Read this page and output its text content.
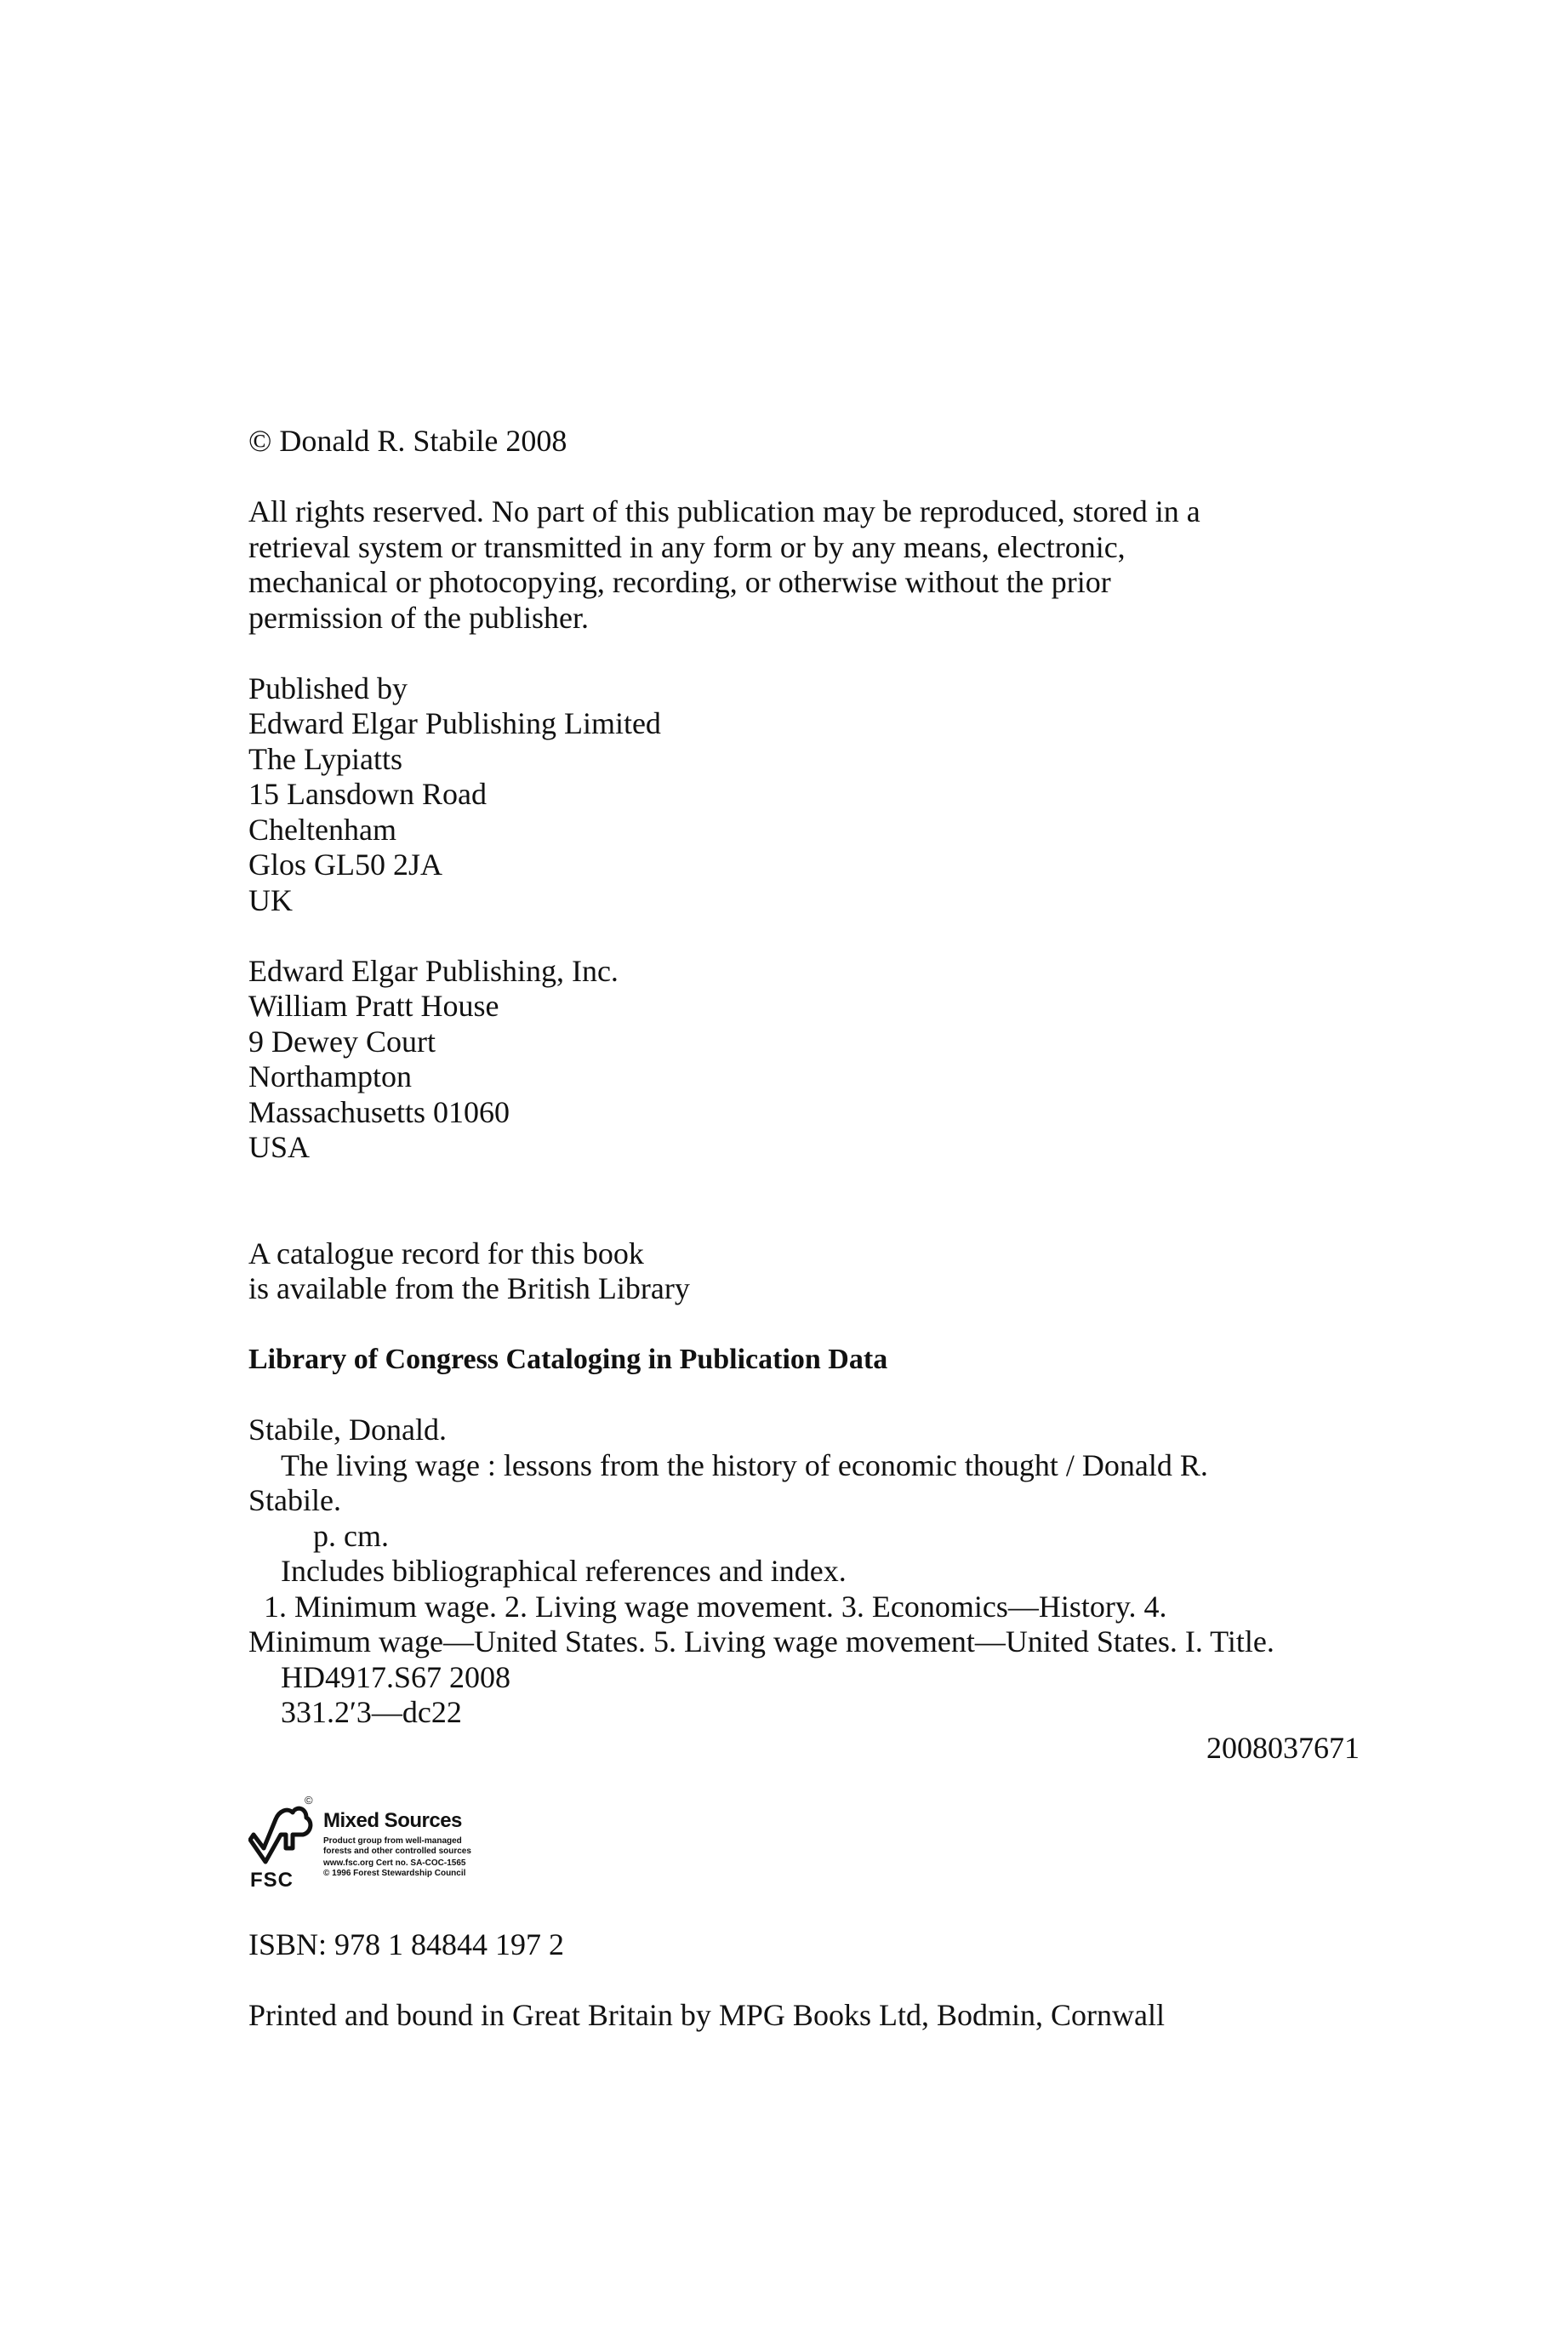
© Donald R. Stabile 2008
All rights reserved. No part of this publication may be reproduced, stored in a
retrieval system or transmitted in any form or by any means, electronic,
mechanical or photocopying, recording, or otherwise without the prior
permission of the publisher.
Published by
Edward Elgar Publishing Limited
The Lypiatts
15 Lansdown Road
Cheltenham
Glos GL50 2JA
UK
Edward Elgar Publishing, Inc.
William Pratt House
9 Dewey Court
Northampton
Massachusetts 01060
USA
A catalogue record for this book
is available from the British Library
Library of Congress Cataloging in Publication Data
Stabile, Donald.
The living wage : lessons from the history of economic thought / Donald R.
Stabile.
p. cm.
Includes bibliographical references and index.
1. Minimum wage. 2. Living wage movement. 3. Economics—History. 4.
Minimum wage—United States. 5. Living wage movement—United States. I. Title.
HD4917.S67 2008
331.2′3—dc22
2008037671
©
FSC
Mixed Sources
Product group from well-managed
forests and other controlled sources
www.fsc.org Cert no. SA-COC-1565
© 1996 Forest Stewardship Council
ISBN: 978 1 84844 197 2
Printed and bound in Great Britain by MPG Books Ltd, Bodmin, Cornwall
